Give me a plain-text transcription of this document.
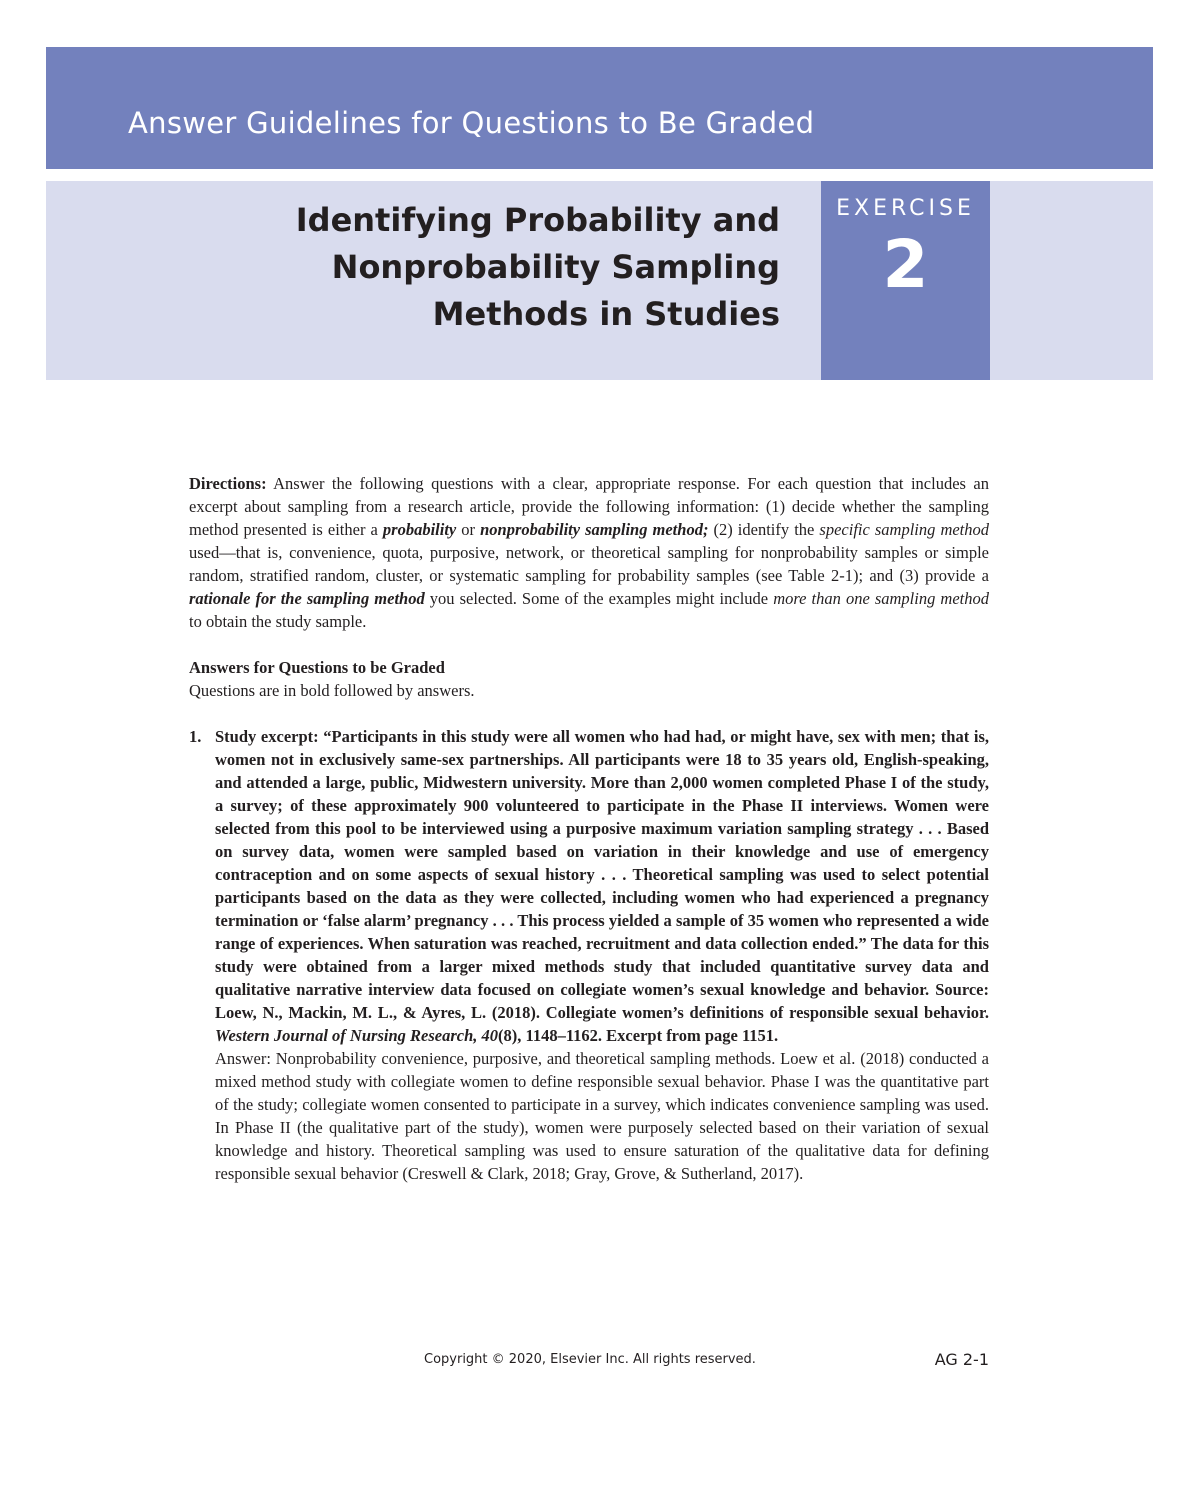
Answer Guidelines for Questions to Be Graded
Identifying Probability and
Nonprobability Sampling
Methods in Studies
EXERCISE
2

Directions: Answer the following questions with a clear, appropriate response. For each question that includes an excerpt about sampling from a research article, provide the following information: (1) decide whether the sampling method presented is either a probability or nonprobability sampling method; (2) identify the specific sampling method used—that is, convenience, quota, purposive, network, or theoretical sampling for nonprobability samples or simple random, stratified random, cluster, or systematic sampling for probability samples (see Table 2-1); and (3) provide a rationale for the sampling method you selected. Some of the examples might include more than one sampling method to obtain the study sample.

Answers for Questions to be Graded

Questions are in bold followed by answers.

1. Study excerpt: “Participants in this study were all women who had had, or might have, sex with men; that is, women not in exclusively same-sex partnerships. All participants were 18 to 35 years old, English-speaking, and attended a large, public, Midwestern university. More than 2,000 women completed Phase I of the study, a survey; of these approximately 900 volunteered to participate in the Phase II interviews. Women were selected from this pool to be interviewed using a purposive maximum variation sampling strategy . . . Based on survey data, women were sampled based on variation in their knowledge and use of emergency contraception and on some aspects of sexual history . . . Theoretical sampling was used to select potential participants based on the data as they were collected, including women who had experienced a pregnancy termination or ‘false alarm’ pregnancy . . . This process yielded a sample of 35 women who represented a wide range of experiences. When saturation was reached, recruitment and data collection ended.” The data for this study were obtained from a larger mixed methods study that included quantitative survey data and qualitative narrative interview data focused on collegiate women’s sexual knowledge and behavior. Source: Loew, N., Mackin, M. L., & Ayres, L. (2018). Collegiate women’s definitions of responsible sexual behavior. Western Journal of Nursing Research, 40(8), 1148–1162. Excerpt from page 1151.

Answer: Nonprobability convenience, purposive, and theoretical sampling methods. Loew et al. (2018) conducted a mixed method study with collegiate women to define responsible sexual behavior. Phase I was the quantitative part of the study; collegiate women consented to participate in a survey, which indicates convenience sampling was used. In Phase II (the qualitative part of the study), women were purposely selected based on their variation of sexual knowledge and history. Theoretical sampling was used to ensure saturation of the qualitative data for defining responsible sexual behavior (Creswell & Clark, 2018; Gray, Grove, & Sutherland, 2017).

Copyright © 2020, Elsevier Inc. All rights reserved.	AG 2-1
